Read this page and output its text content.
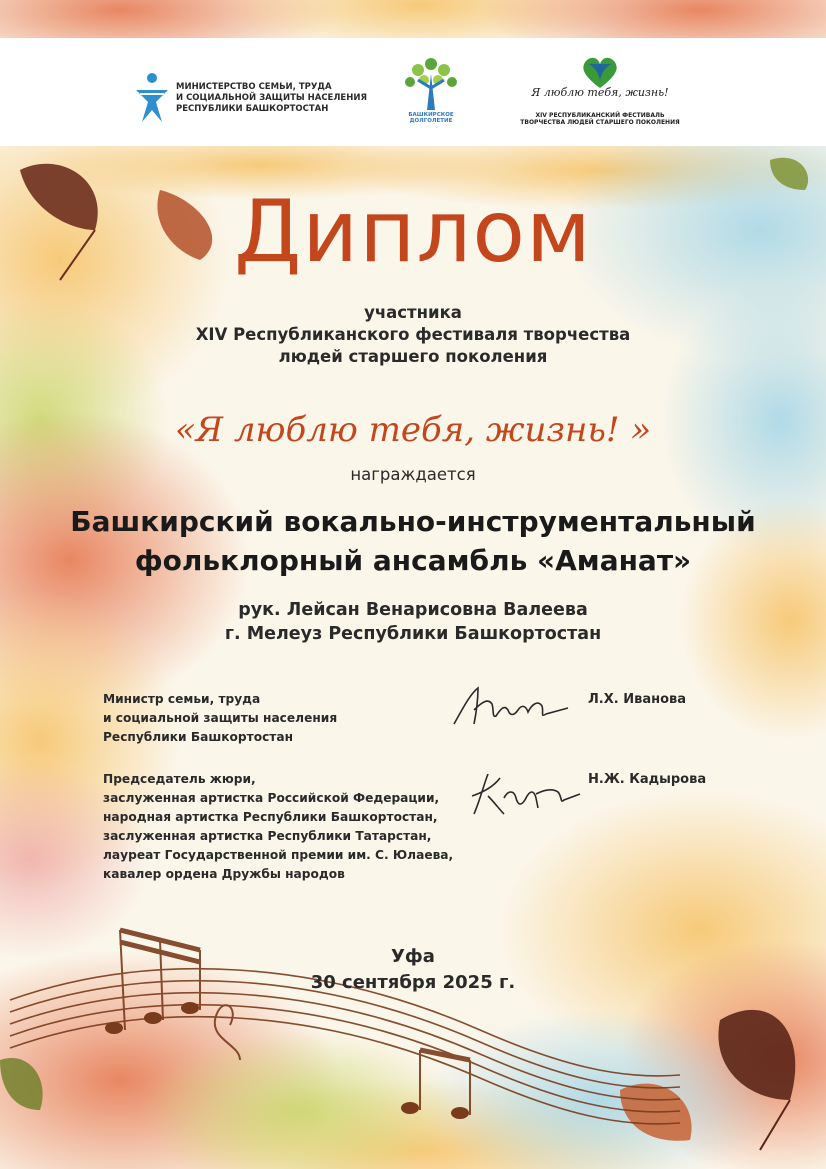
МИНИСТЕРСТВО СЕМЬИ, ТРУДА
И СОЦИАЛЬНОЙ ЗАЩИТЫ НАСЕЛЕНИЯ
РЕСПУБЛИКИ БАШКОРТОСТАН
БАШКИРСКОЕ
ДОЛГОЛЕТИЕ
Я люблю тебя, жизнь!
XIV РЕСПУБЛИКАНСКИЙ ФЕСТИВАЛЬ
ТВОРЧЕСТВА ЛЮДЕЙ СТАРШЕГО ПОКОЛЕНИЯ
Диплом
участника
XIV Республиканского фестиваля творчества
людей старшего поколения
«Я люблю тебя, жизнь! »
награждается
Башкирский вокально-инструментальный
фольклорный ансамбль «Аманат»
рук. Лейсан Венарисовна Валеева
г. Мелеуз Республики Башкортостан
Министр семьи, труда
и социальной защиты населения
Республики Башкортостан
Л.Х. Иванова
Председатель жюри,
заслуженная артистка Российской Федерации,
народная артистка Республики Башкортостан,
заслуженная артистка Республики Татарстан,
лауреат Государственной премии им. С. Юлаева,
кавалер ордена Дружбы народов
Н.Ж. Кадырова
Уфа
30 сентября 2025 г.
